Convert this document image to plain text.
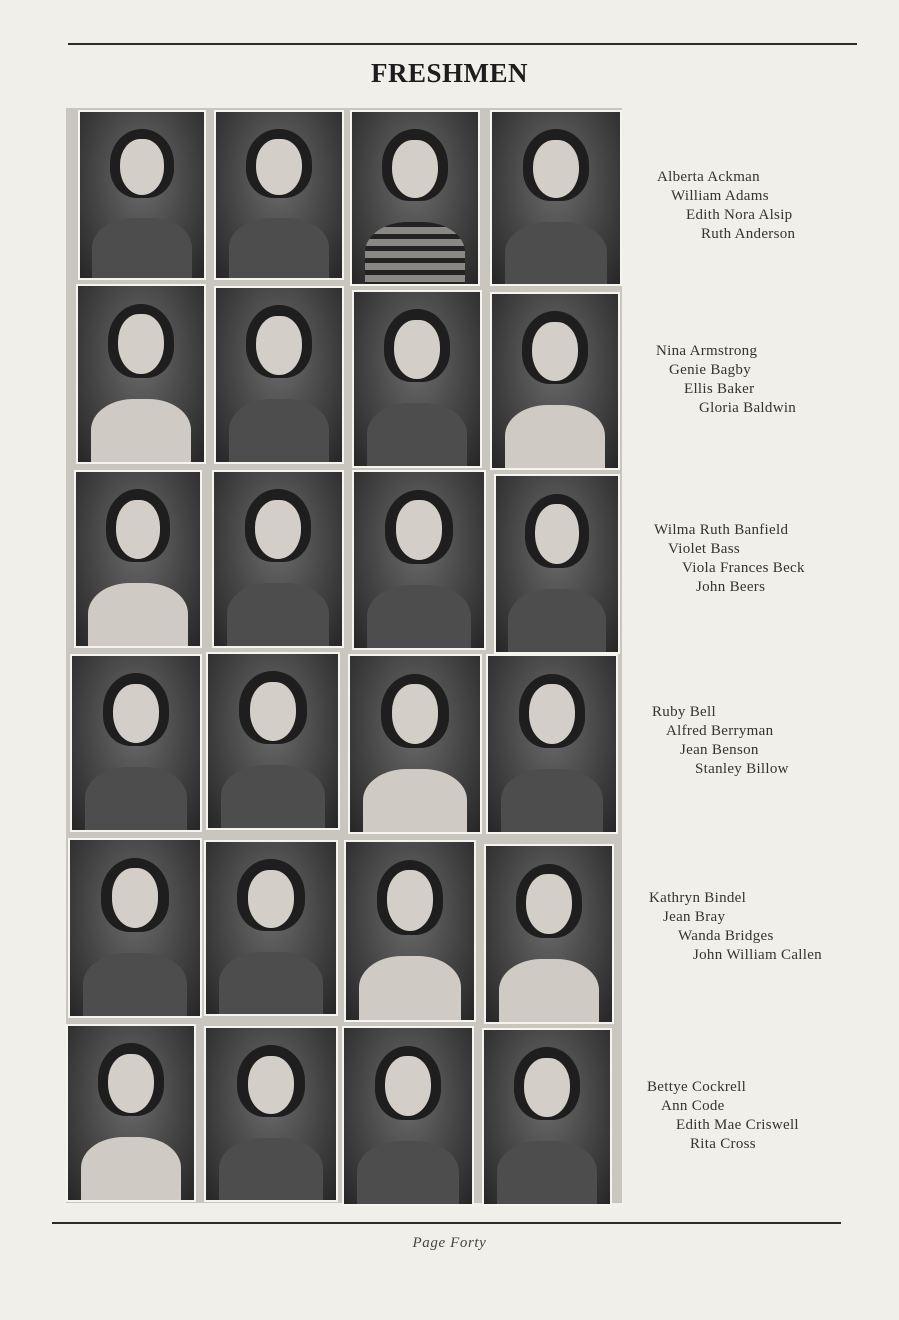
FRESHMEN
Alberta Ackman
William Adams
Edith Nora Alsip
Ruth Anderson
Nina Armstrong
Genie Bagby
Ellis Baker
Gloria Baldwin
Wilma Ruth Banfield
Violet Bass
Viola Frances Beck
John Beers
Ruby Bell
Alfred Berryman
Jean Benson
Stanley Billow
Kathryn Bindel
Jean Bray
Wanda Bridges
John William Callen
Bettye Cockrell
Ann Code
Edith Mae Criswell
Rita Cross
Page Forty
